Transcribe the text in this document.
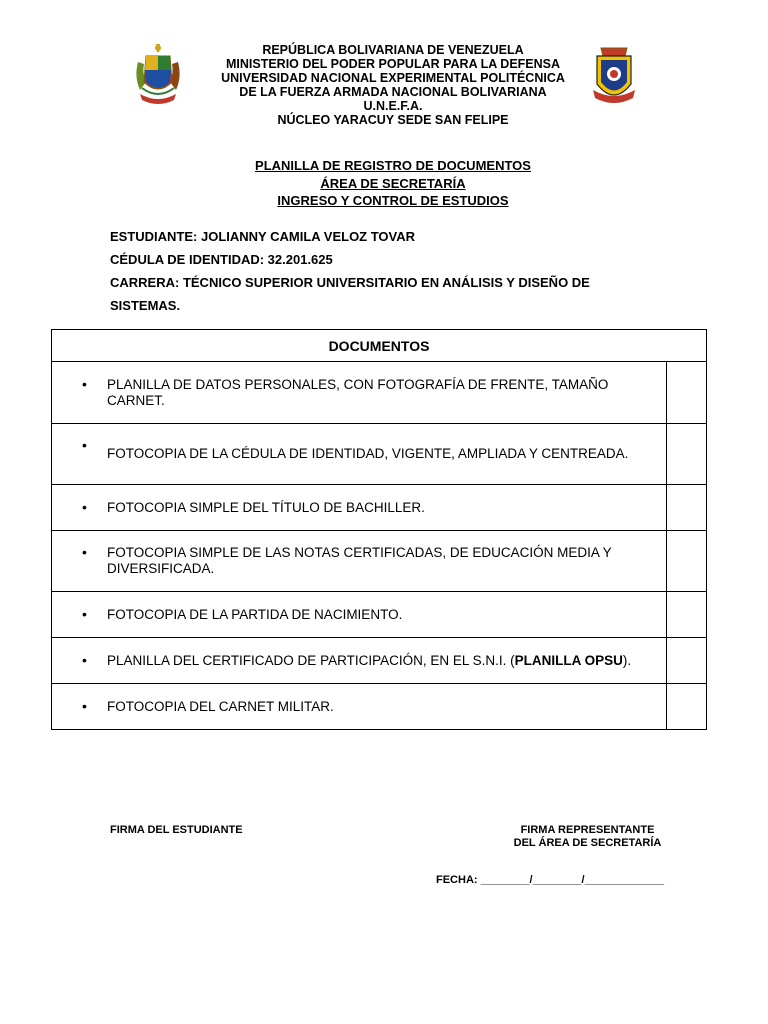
REPÚBLICA BOLIVARIANA DE VENEZUELA
MINISTERIO DEL PODER POPULAR PARA LA DEFENSA
UNIVERSIDAD NACIONAL EXPERIMENTAL POLITÉCNICA
DE LA FUERZA ARMADA NACIONAL BOLIVARIANA
U.N.E.F.A.
NÚCLEO YARACUY SEDE SAN FELIPE
PLANILLA DE REGISTRO DE DOCUMENTOS
ÁREA DE SECRETARÍA
INGRESO Y CONTROL DE ESTUDIOS
ESTUDIANTE: JOLIANNY CAMILA VELOZ TOVAR
CÉDULA DE IDENTIDAD: 32.201.625
CARRERA: TÉCNICO SUPERIOR UNIVERSITARIO EN ANÁLISIS Y DISEÑO DE
SISTEMAS.
DOCUMENTOS	

• PLANILLA DE DATOS PERSONALES, CON FOTOGRAFÍA DE FRENTE, TAMAÑO CARNET.	

•
FOTOCOPIA DE LA CÉDULA DE IDENTIDAD, VIGENTE, AMPLIADA Y CENTREADA.	

• FOTOCOPIA SIMPLE DEL TÍTULO DE BACHILLER.	

• FOTOCOPIA SIMPLE DE LAS NOTAS CERTIFICADAS, DE EDUCACIÓN MEDIA Y DIVERSIFICADA.	

• FOTOCOPIA DE LA PARTIDA DE NACIMIENTO.	

• PLANILLA DEL CERTIFICADO DE PARTICIPACIÓN, EN EL S.N.I. (PLANILLA OPSU).	

• FOTOCOPIA DEL CARNET MILITAR.	
FIRMA DEL ESTUDIANTE	FIRMA REPRESENTANTE
DEL ÁREA DE SECRETARÍA
FECHA: ________/________/_____________
